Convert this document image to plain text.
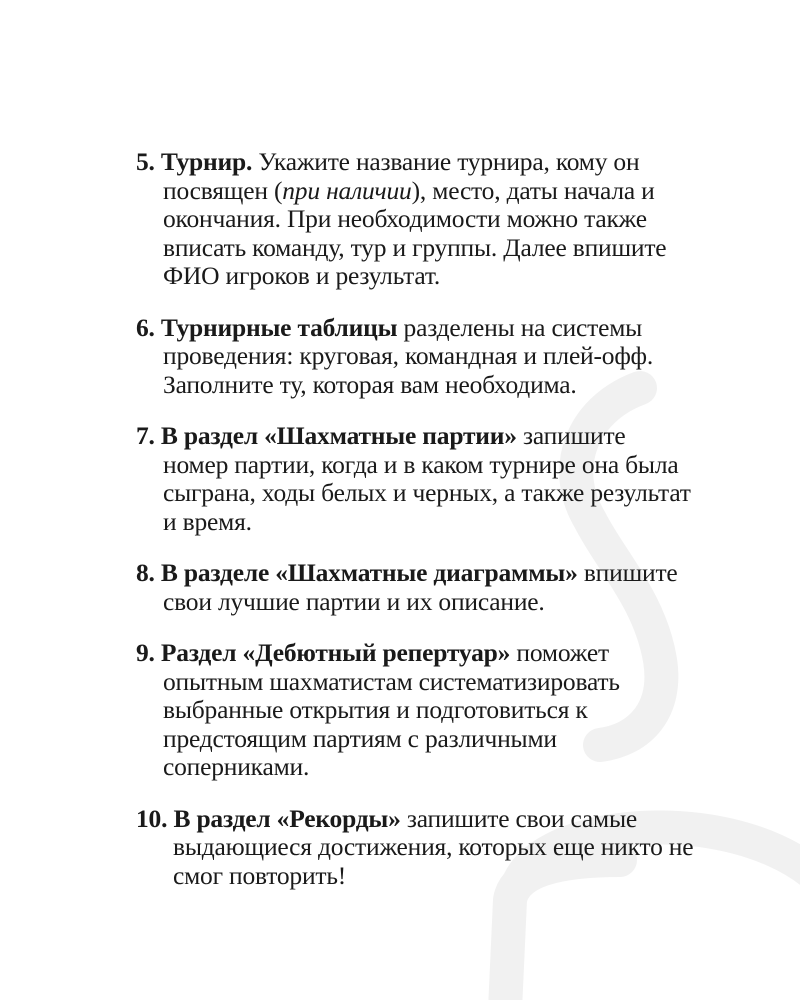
5. Турнир. Укажите название турнира, кому он посвящен (при наличии), место, даты начала и окончания. При необходимости можно также вписать команду, тур и группы. Далее впишите ФИО игроков и результат.

6. Турнирные таблицы разделены на системы проведения: круговая, командная и плей-офф. Заполните ту, которая вам необходима.

7. В раздел «Шахматные партии» запишите номер партии, когда и в каком турнире она была сыграна, ходы белых и черных, а также результат и время.

8. В разделе «Шахматные диаграммы» впишите свои лучшие партии и их описание.

9. Раздел «Дебютный репертуар» поможет опытным шахматистам систематизировать выбранные открытия и подготовиться к предстоящим партиям с различными соперниками.

10. В раздел «Рекорды» запишите свои самые выдающиеся достижения, которых еще никто не смог повторить!
